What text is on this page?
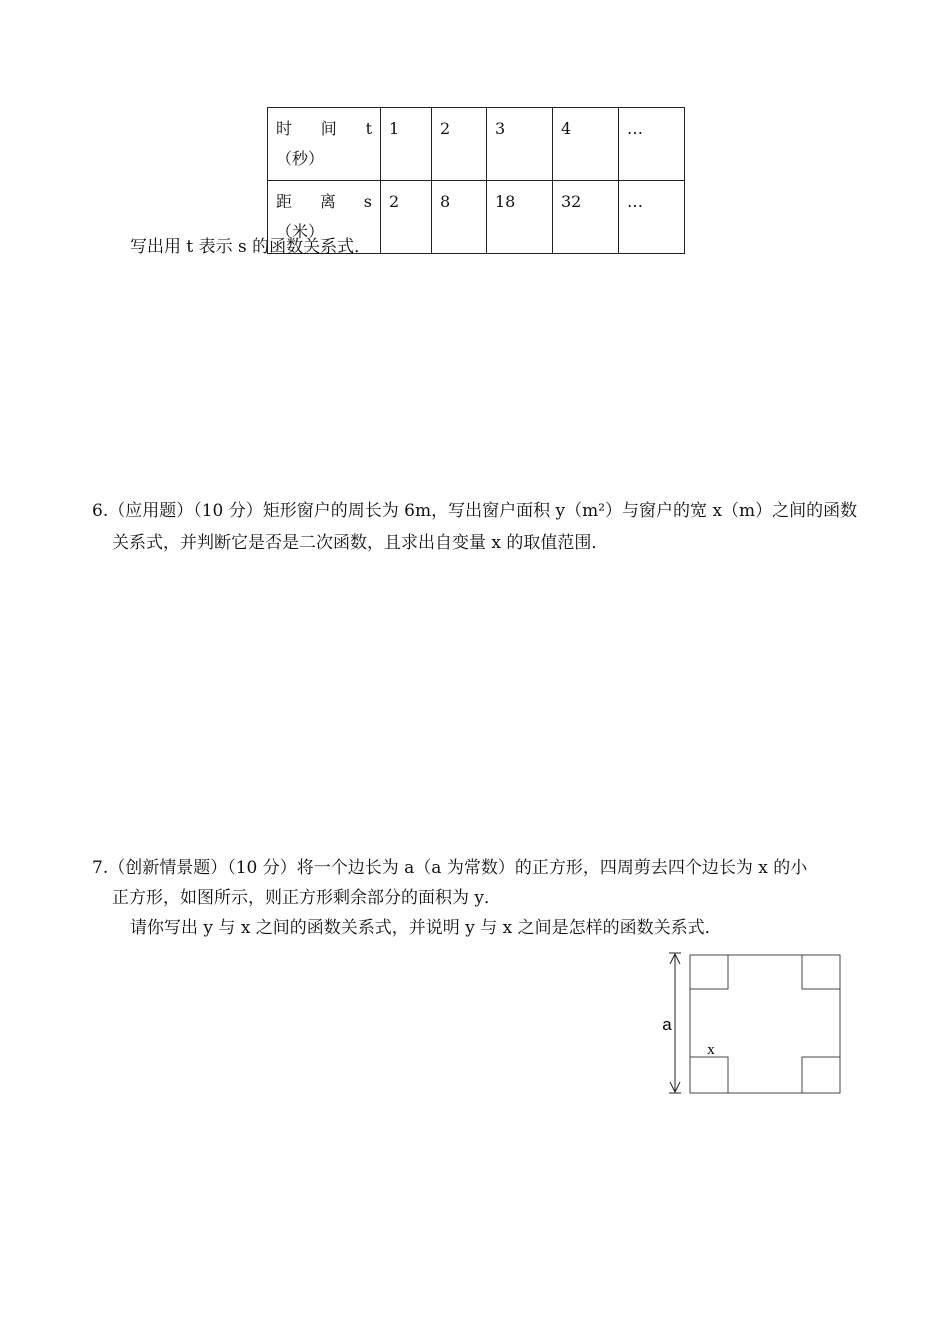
时 间 t
（秒）	1	2	3	4	…

距 离 s
（米）	2	8	18	32	…
写出用 t 表示 s 的函数关系式．
6.（应用题）（10 分）矩形窗户的周长为 6m，写出窗户面积 y（m²）与窗户的宽 x（m）之间的函数
关系式，并判断它是否是二次函数，且求出自变量 x 的取值范围．
7.（创新情景题）（10 分）将一个边长为 a（a 为常数）的正方形，四周剪去四个边长为 x 的小
正方形，如图所示，则正方形剩余部分的面积为 y．
请你写出 y 与 x 之间的函数关系式，并说明 y 与 x 之间是怎样的函数关系式．
a
x
